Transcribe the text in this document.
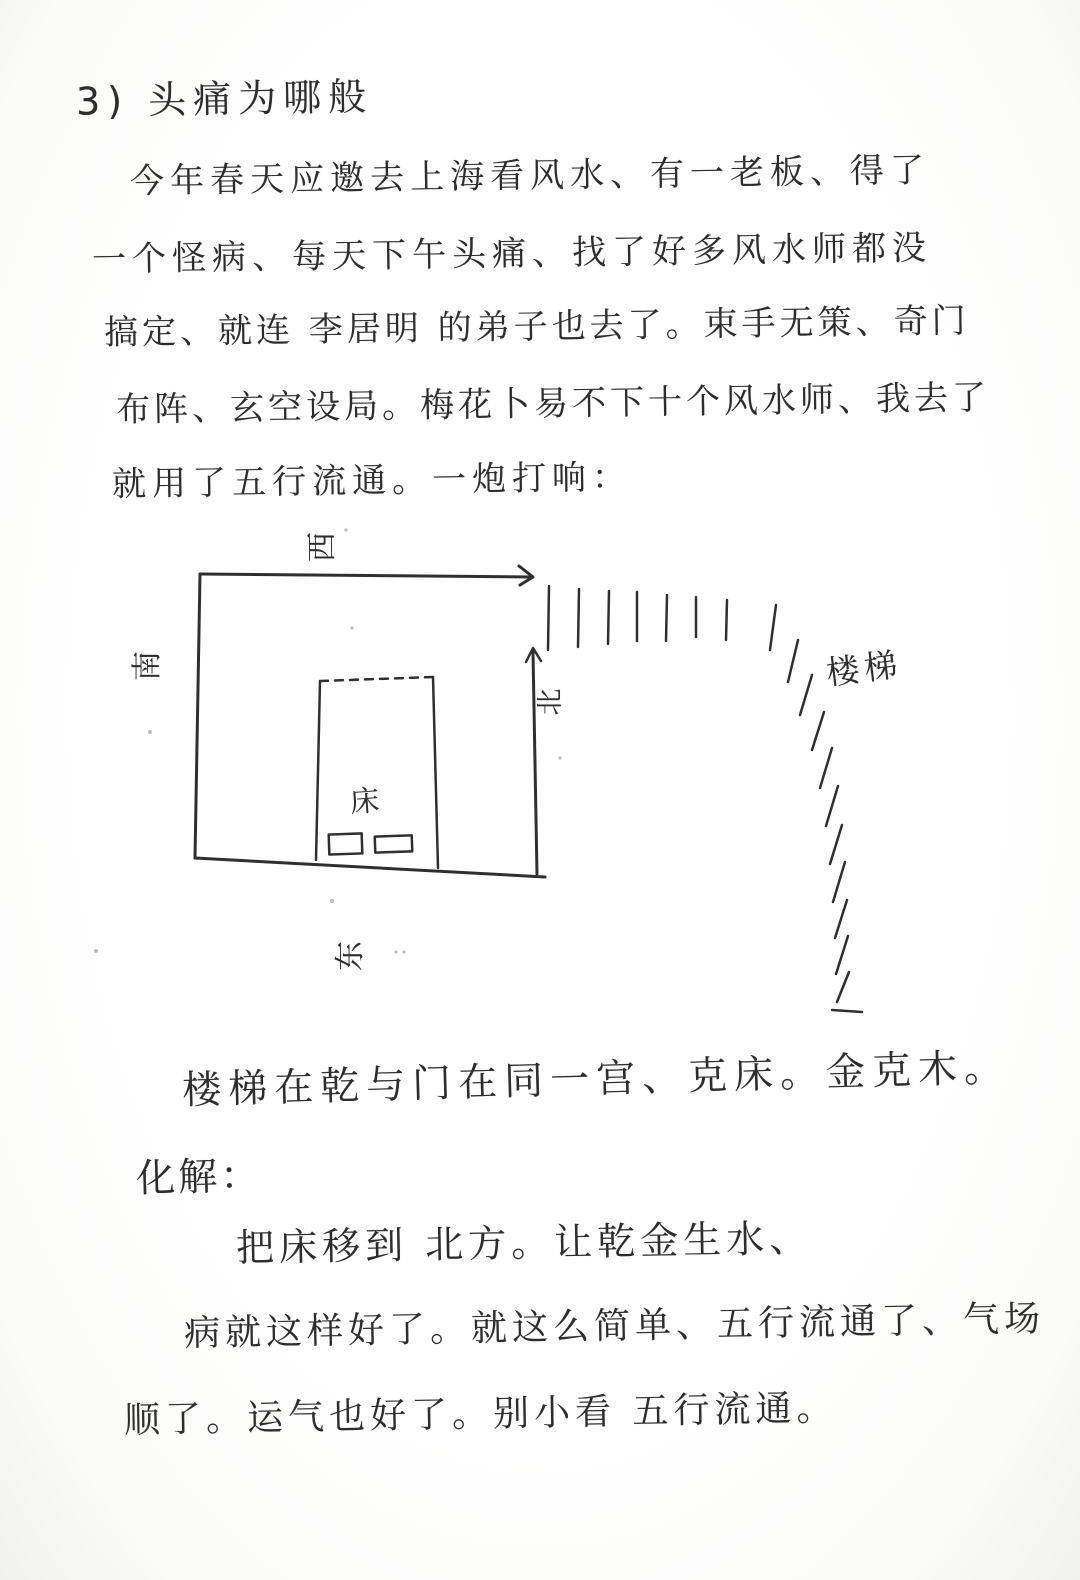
3) 头痛为哪般
今年春天应邀去上海看风水、有一老板、得了
一个怪病、每天下午头痛、找了好多风水师都没
搞定、就连 李居明 的弟子也去了。束手无策、奇门
布阵、玄空设局。梅花卜易不下十个风水师、我去了
就用了五行流通。一炮打响：
西
南
北
东
床
楼梯
楼梯在乾与门在同一宫、克床。金克木。
化解：
把床移到 北方。让乾金生水、
病就这样好了。就这么简单、五行流通了、气场
顺了。运气也好了。别小看 五行流通。
